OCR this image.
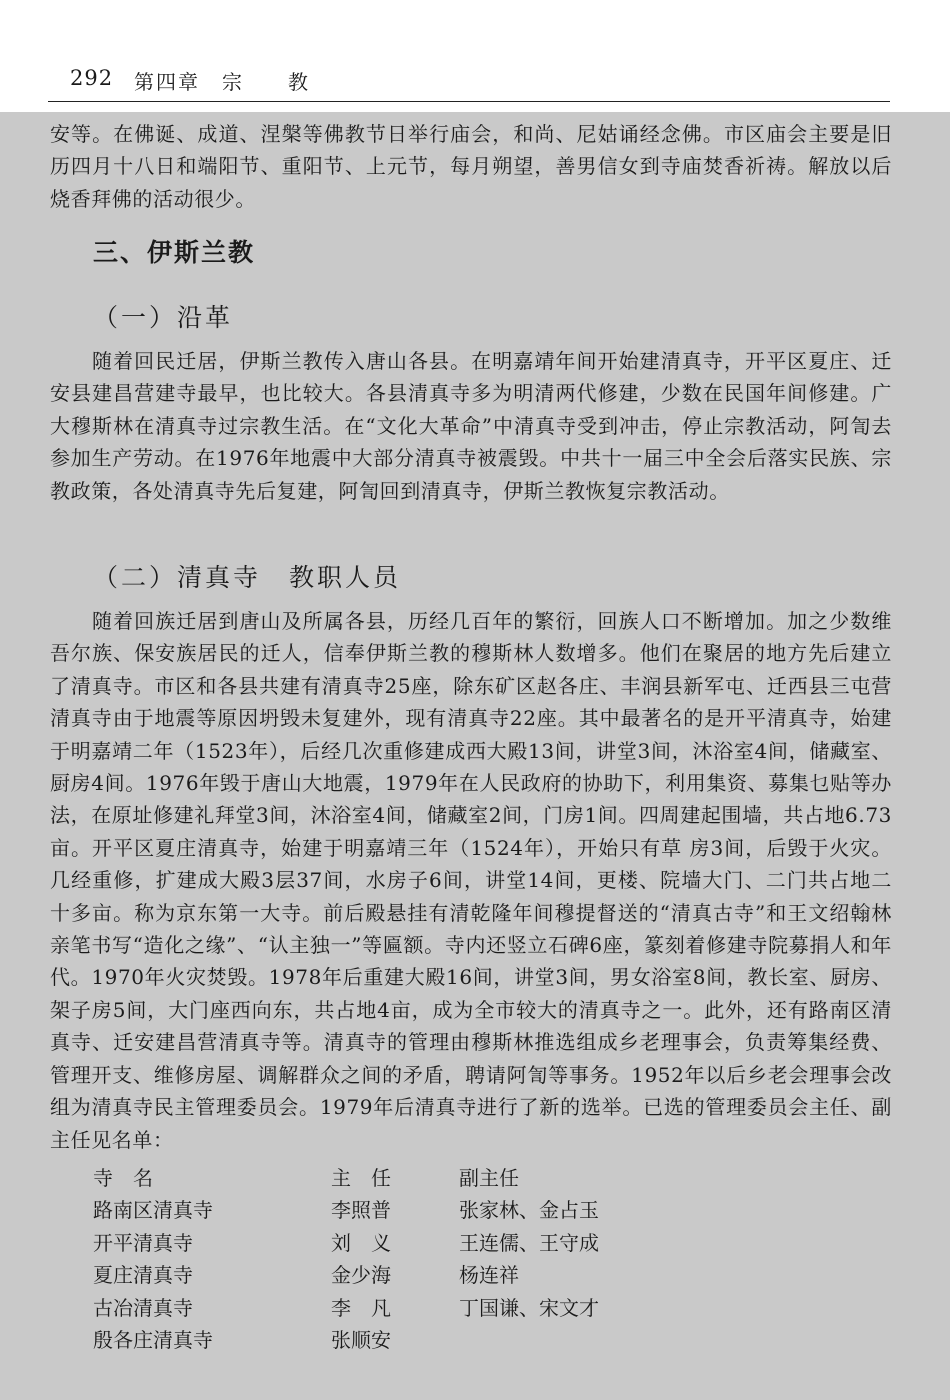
292 第四章　宗　　教

安等。在佛诞、成道、涅槃等佛教节日举行庙会，和尚、尼姑诵经念佛。市区庙会主要是旧历四月十八日和端阳节、重阳节、上元节，每月朔望，善男信女到寺庙焚香祈祷。解放以后烧香拜佛的活动很少。

三、伊斯兰教
（一）沿革

随着回民迁居，伊斯兰教传入唐山各县。在明嘉靖年间开始建清真寺，开平区夏庄、迁安县建昌营建寺最早，也比较大。各县清真寺多为明清两代修建，少数在民国年间修建。广大穆斯林在清真寺过宗教生活。在“文化大革命”中清真寺受到冲击，停止宗教活动，阿訇去参加生产劳动。在1976年地震中大部分清真寺被震毁。中共十一届三中全会后落实民族、宗教政策，各处清真寺先后复建，阿訇回到清真寺，伊斯兰教恢复宗教活动。

（二）清真寺　教职人员

随着回族迁居到唐山及所属各县，历经几百年的繁衍，回族人口不断增加。加之少数维吾尔族、保安族居民的迁人，信奉伊斯兰教的穆斯林人数增多。他们在聚居的地方先后建立了清真寺。市区和各县共建有清真寺25座，除东矿区赵各庄、丰润县新军屯、迁西县三屯营清真寺由于地震等原因坍毁未复建外，现有清真寺22座。其中最著名的是开平清真寺，始建于明嘉靖二年（1523年），后经几次重修建成西大殿13间，讲堂3间，沐浴室4间，储藏室、厨房4间。1976年毁于唐山大地震，1979年在人民政府的协助下，利用集资、募集乜贴等办法，在原址修建礼拜堂3间，沐浴室4间，储藏室2间，门房1间。四周建起围墙，共占地6.73亩。开平区夏庄清真寺，始建于明嘉靖三年（1524年），开始只有草 房3间，后毁于火灾。几经重修，扩建成大殿3层37间，水房子6间，讲堂14间，更楼、院墙大门、二门共占地二十多亩。称为京东第一大寺。前后殿悬挂有清乾隆年间穆提督送的“清真古寺”和王文绍翰林亲笔书写“造化之缘”、“认主独一”等匾额。寺内还竖立石碑6座，篆刻着修建寺院募捐人和年代。1970年火灾焚毁。1978年后重建大殿16间，讲堂3间，男女浴室8间，教长室、厨房、架子房5间，大门座西向东，共占地4亩，成为全市较大的清真寺之一。此外，还有路南区清真寺、迁安建昌营清真寺等。清真寺的管理由穆斯林推选组成乡老理事会，负责筹集经费、管理开支、维修房屋、调解群众之间的矛盾，聘请阿訇等事务。1952年以后乡老会理事会改组为清真寺民主管理委员会。1979年后清真寺进行了新的选举。已选的管理委员会主任、副主任见名单：

寺　名	主　任	副主任
路南区清真寺	李照普	张家林、金占玉
开平清真寺	刘　义	王连儒、王守成
夏庄清真寺	金少海	杨连祥
古冶清真寺	李　凡	丁国谦、宋文才
殷各庄清真寺	张顺安	
